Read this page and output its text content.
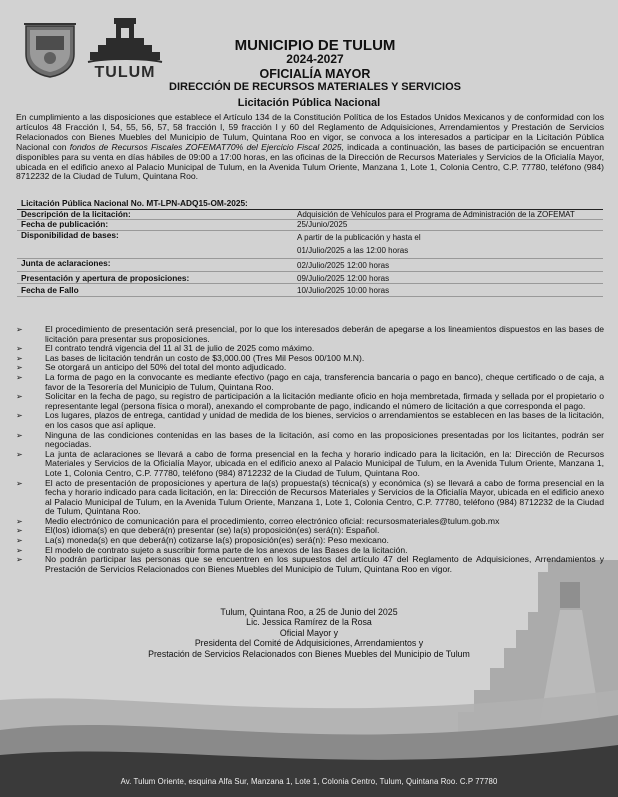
TULUM
MUNICIPIO DE TULUM
2024-2027
OFICIALÍA MAYOR
DIRECCIÓN DE RECURSOS MATERIALES Y SERVICIOS
Licitación Pública Nacional
En cumplimiento a las disposiciones que establece el Artículo 134 de la Constitución Política de los Estados Unidos Mexicanos y de conformidad con los artículos 48 Fracción I, 54, 55, 56, 57, 58 fracción I, 59 fracción I y 60 del Reglamento de Adquisiciones, Arrendamientos y Prestación de Servicios Relacionados con Bienes Muebles del Municipio de Tulum, Quintana Roo en vigor, se convoca a los interesados a participar en la Licitación Pública Nacional con fondos de Recursos Fiscales ZOFEMAT70% del Ejercicio Fiscal 2025, indicada a continuación, las bases de participación se encuentran disponibles para su venta en días hábiles de 09:00 a 17:00 horas, en las oficinas de la Dirección de Recursos Materiales y Servicios de la Oficialía Mayor, ubicada en el edificio anexo al Palacio Municipal de Tulum, en la Avenida Tulum Oriente, Manzana 1, Lote 1, Colonia Centro, C.P. 77780, teléfono (984) 8712232 de la Ciudad de Tulum, Quintana Roo.
Licitación Pública Nacional No. MT-LPN-ADQ15-OM-2025:	
Descripción de la licitación:	Adquisición de Vehículos para el Programa de Administración de la ZOFEMAT
Fecha de publicación:	25/Junio/2025
Disponibilidad de bases:	A partir de la publicación y hasta el
01/Julio/2025 a las 12:00 horas

Junta de aclaraciones:	02/Julio/2025 12:00 horas
Presentación y apertura de proposiciones:	09/Julio/2025 12:00 horas
Fecha de Fallo	10/Julio/2025 10:00 horas
➢	El procedimiento de presentación será presencial, por lo que los interesados deberán de apegarse a los lineamientos dispuestos en las bases de licitación para presentar sus proposiciones.
➢	El contrato tendrá vigencia del 11 al 31 de julio de 2025 como máximo.
➢	Las bases de licitación tendrán un costo de $3,000.00 (Tres Mil Pesos 00/100 M.N).
➢	Se otorgará un anticipo del 50% del total del monto adjudicado.
➢	La forma de pago en la convocante es mediante efectivo (pago en caja, transferencia bancaria o pago en banco), cheque certificado o de caja, a favor de la Tesorería del Municipio de Tulum, Quintana Roo.
➢	Solicitar en la fecha de pago, su registro de participación a la licitación mediante oficio en hoja membretada, firmada y sellada por el propietario o representante legal (persona física o moral), anexando el comprobante de pago, indicando el número de licitación a que corresponda el pago.
➢	Los lugares, plazos de entrega, cantidad y unidad de medida de los bienes, servicios o arrendamientos se establecen en las bases de la licitación, en los casos que así aplique.
➢	Ninguna de las condiciones contenidas en las bases de la licitación, así como en las proposiciones presentadas por los licitantes, podrán ser negociadas.
➢	La junta de aclaraciones se llevará a cabo de forma presencial en la fecha y horario indicado para la licitación, en la: Dirección de Recursos Materiales y Servicios de la Oficialía Mayor, ubicada en el edificio anexo al Palacio Municipal de Tulum, en la Avenida Tulum Oriente, Manzana 1, Lote 1, Colonia Centro, C.P. 77780, teléfono (984) 8712232 de la Ciudad de Tulum, Quintana Roo.
➢	El acto de presentación de proposiciones y apertura de la(s) propuesta(s) técnica(s) y económica (s) se llevará a cabo de forma presencial en la fecha y horario indicado para cada licitación, en la: Dirección de Recursos Materiales y Servicios de la Oficialía Mayor, ubicada en el edificio anexo al Palacio Municipal de Tulum, en la Avenida Tulum Oriente, Manzana 1, Lote 1, Colonia Centro, C.P. 77780, teléfono (984) 8712232 de la Ciudad de Tulum, Quintana Roo.
➢	Medio electrónico de comunicación para el procedimiento, correo electrónico oficial: recursosmateriales@tulum.gob.mx
➢	El(los) idioma(s) en que deberá(n) presentar (se) la(s) proposición(es) será(n): Español.
➢	La(s) moneda(s) en que deberá(n) cotizarse la(s) proposición(es) será(n): Peso mexicano.
➢	El modelo de contrato sujeto a suscribir forma parte de los anexos de las Bases de la licitación.
➢	No podrán participar las personas que se encuentren en los supuestos del artículo 47 del Reglamento de Adquisiciones, Arrendamientos y Prestación de Servicios Relacionados con Bienes Muebles del Municipio de Tulum, Quintana Roo en vigor.
Tulum, Quintana Roo, a 25 de Junio del 2025
Lic. Jessica Ramírez de la Rosa
Oficial Mayor y
Presidenta del Comité de Adquisiciones, Arrendamientos y
Prestación de Servicios Relacionados con Bienes Muebles del Municipio de Tulum
Av. Tulum Oriente, esquina Alfa Sur, Manzana 1, Lote 1, Colonia Centro, Tulum, Quintana Roo. C.P 77780
